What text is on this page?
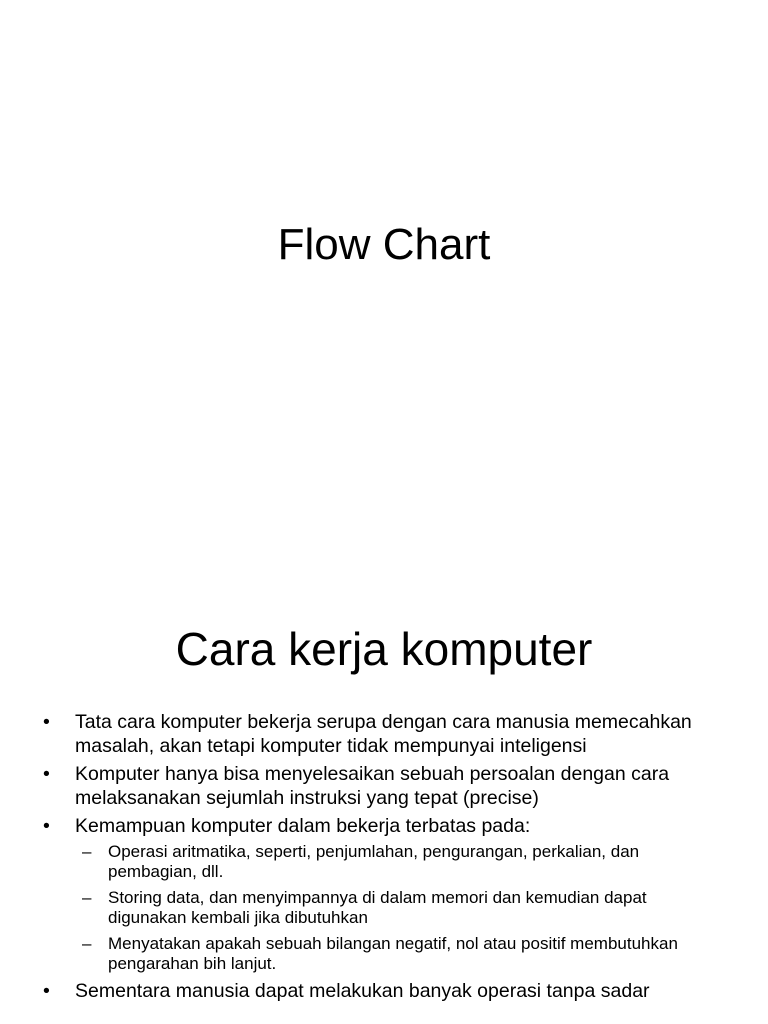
Flow Chart
Cara kerja komputer
• Tata cara komputer bekerja serupa dengan cara manusia memecahkan masalah, akan tetapi komputer tidak mempunyai inteligensi
• Komputer hanya bisa menyelesaikan sebuah persoalan dengan cara melaksanakan sejumlah instruksi yang tepat (precise)
• Kemampuan komputer dalam bekerja terbatas pada:
– Operasi aritmatika, seperti, penjumlahan, pengurangan, perkalian, dan pembagian, dll.
– Storing data, dan menyimpannya di dalam memori dan kemudian dapat digunakan kembali jika dibutuhkan
– Menyatakan apakah sebuah bilangan negatif, nol atau positif membutuhkan pengarahan bih lanjut.
• Sementara manusia dapat melakukan banyak operasi tanpa sadar
